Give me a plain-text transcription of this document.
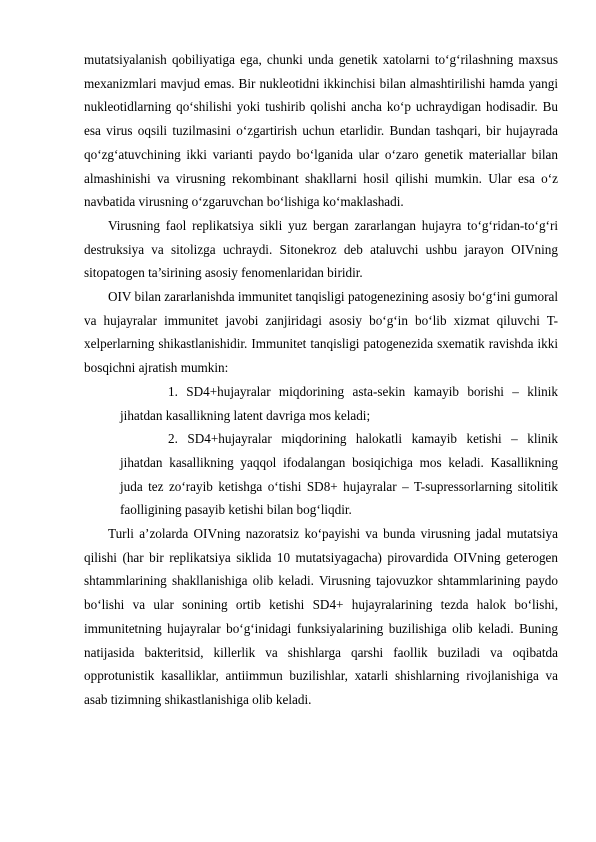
mutatsiyalanish qobiliyatiga ega, chunki unda genetik xatolarni to‘g‘rilashning maxsus mexanizmlari mavjud emas. Bir nukleotidni ikkinchisi bilan almashtirilishi hamda yangi nukleotidlarning qo‘shilishi yoki tushirib qolishi ancha ko‘p uchraydigan hodisadir. Bu esa virus oqsili tuzilmasini o‘zgartirish uchun etarlidir. Bundan tashqari, bir hujayrada qo‘zg‘atuvchining ikki varianti paydo bo‘lganida ular o‘zaro genetik materiallar bilan almashinishi va virusning rekombinant shakllarni hosil qilishi mumkin. Ular esa o‘z navbatida virusning o‘zgaruvchan bo‘lishiga ko‘maklashadi.

Virusning faol replikatsiya sikli yuz bergan zararlangan hujayra to‘g‘ridan-to‘g‘ri destruksiya va sitolizga uchraydi. Sitonekroz deb ataluvchi ushbu jarayon OIVning sitopatogen ta’sirining asosiy fenomenlaridan biridir.

OIV bilan zararlanishda immunitet tanqisligi patogenezining asosiy bo‘g‘ini gumoral va hujayralar immunitet javobi zanjiridagi asosiy bo‘g‘in bo‘lib xizmat qiluvchi T-xelperlarning shikastlanishidir. Immunitet tanqisligi patogenezida sxematik ravishda ikki bosqichni ajratish mumkin:

1. SD4+hujayralar miqdorining asta-sekin kamayib borishi – klinik jihatdan kasallikning latent davriga mos keladi;

2. SD4+hujayralar miqdorining halokatli kamayib ketishi – klinik jihatdan kasallikning yaqqol ifodalangan bosiqichiga mos keladi. Kasallikning juda tez zo‘rayib ketishga o‘tishi SD8+ hujayralar – T-supressorlarning sitolitik faolligining pasayib ketishi bilan bog‘liqdir.

Turli a’zolarda OIVning nazoratsiz ko‘payishi va bunda virusning jadal mutatsiya qilishi (har bir replikatsiya siklida 10 mutatsiyagacha) pirovardida OIVning geterogen shtammlarining shakllanishiga olib keladi. Virusning tajovuzkor shtammlarining paydo bo‘lishi va ular sonining ortib ketishi SD4+ hujayralarining tezda halok bo‘lishi, immunitetning hujayralar bo‘g‘inidagi funksiyalarining buzilishiga olib keladi. Buning natijasida bakteritsid, killerlik va shishlarga qarshi faollik buziladi va oqibatda opprotunistik kasalliklar, antiimmun buzilishlar, xatarli shishlarning rivojlanishiga va asab tizimning shikastlanishiga olib keladi.
